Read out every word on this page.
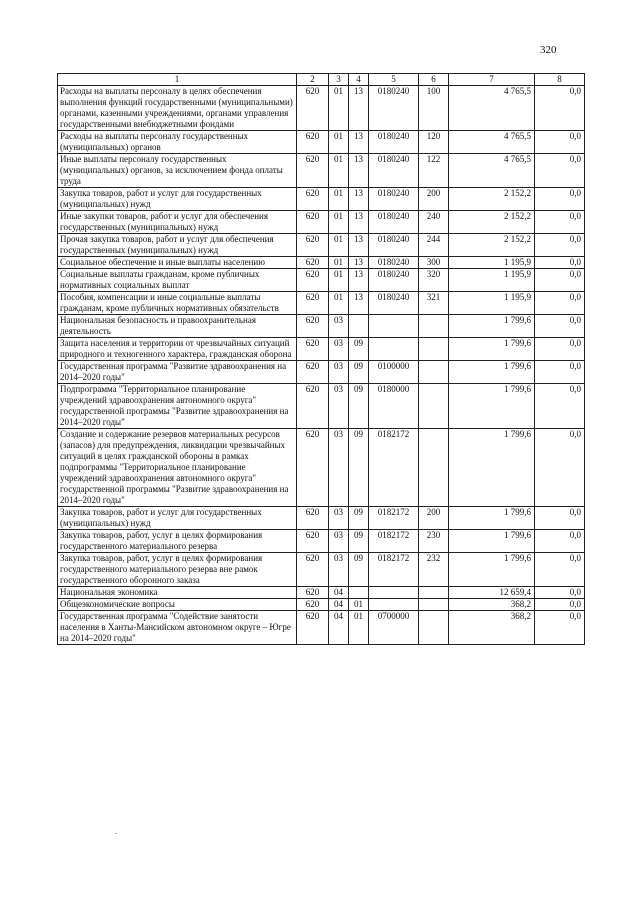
320
1	2	3	4	5	6	7	8
Расходы на выплаты персоналу в целях обеспечения выполнения функций государственными (муниципальными) органами, казенными учреждениями, органами управления государственными внебюджетными фондами	620	01	13	0180240	100	4 765,5	0,0
Расходы на выплаты персоналу государственных (муниципальных) органов	620	01	13	0180240	120	4 765,5	0,0
Иные выплаты персоналу государственных (муниципальных) органов, за исключением фонда оплаты труда	620	01	13	0180240	122	4 765,5	0,0
Закупка товаров, работ и услуг для государственных (муниципальных) нужд	620	01	13	0180240	200	2 152,2	0,0
Иные закупки товаров, работ и услуг для обеспечения государственных (муниципальных) нужд	620	01	13	0180240	240	2 152,2	0,0
Прочая закупка товаров, работ и услуг для обеспечения государственных (муниципальных) нужд	620	01	13	0180240	244	2 152,2	0,0
Социальное обеспечение и иные выплаты населению	620	01	13	0180240	300	1 195,9	0,0
Социальные выплаты гражданам, кроме публичных нормативных социальных выплат	620	01	13	0180240	320	1 195,9	0,0
Пособия, компенсации и иные социальные выплаты гражданам, кроме публичных нормативных обязательств	620	01	13	0180240	321	1 195,9	0,0
Национальная безопасность и правоохранительная деятельность	620	03				1 799,6	0,0
Защита населения и территории от чрезвычайных ситуаций природного и техногенного характера, гражданская оборона	620	03	09			1 799,6	0,0
Государственная программа "Развитие здравоохранения на 2014–2020 годы"	620	03	09	0100000		1 799,6	0,0
Подпрограмма "Территориальное планирование учреждений здравоохранения автономного округа" государственной программы "Развитие здравоохранения на 2014–2020 годы"	620	03	09	0180000		1 799,6	0,0
Создание и содержание резервов материальных ресурсов (запасов) для предупреждения, ликвидации чрезвычайных ситуаций в целях гражданской обороны в рамках подпрограммы "Территориальное планирование учреждений здравоохранения автономного округа" государственной программы "Развитие здравоохранения на 2014–2020 годы"	620	03	09	0182172		1 799,6	0,0
Закупка товаров, работ и услуг для государственных (муниципальных) нужд	620	03	09	0182172	200	1 799,6	0,0
Закупка товаров, работ, услуг в целях формирования государственного материального резерва	620	03	09	0182172	230	1 799,6	0,0
Закупка товаров, работ, услуг в целях формирования государственного материального резерва вне рамок государственного оборонного заказа	620	03	09	0182172	232	1 799,6	0,0
Национальная экономика	620	04				12 659,4	0,0
Общеэкономические вопросы	620	04	01			368,2	0,0
Государственная программа "Содействие занятости населения в Ханты-Мансийском автономном округе – Югре на 2014–2020 годы"	620	04	01	0700000		368,2	0,0
.
